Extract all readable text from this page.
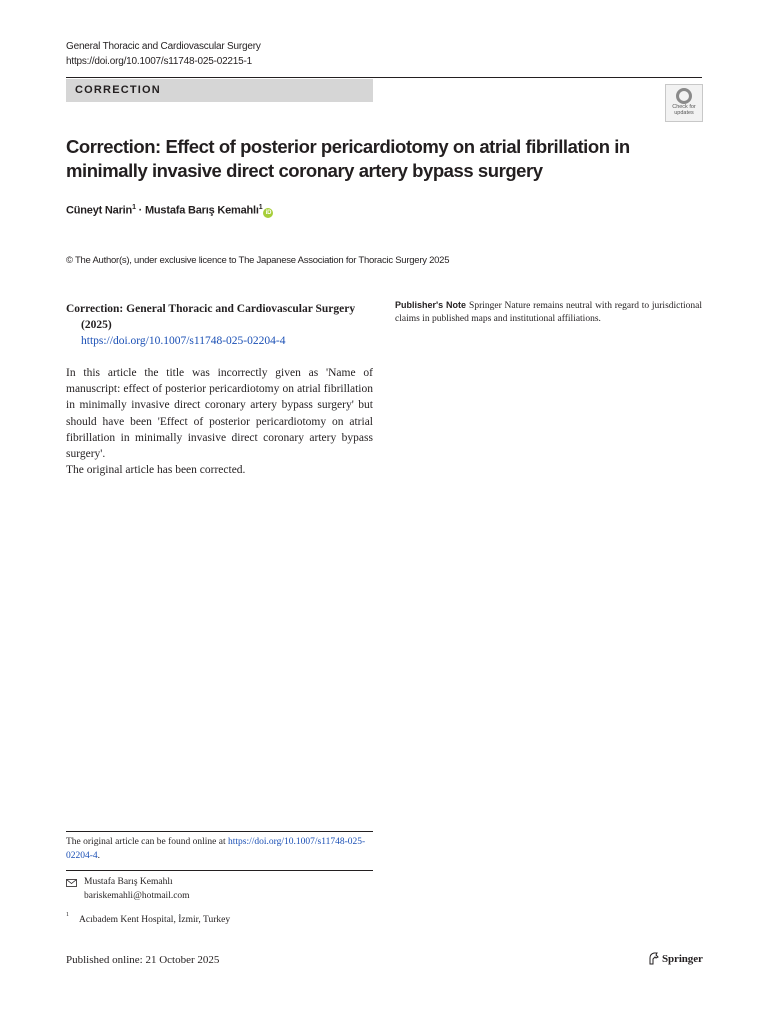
General Thoracic and Cardiovascular Surgery
https://doi.org/10.1007/s11748-025-02215-1
CORRECTION
Check for
updates
Correction: Effect of posterior pericardiotomy on atrial fibrillation in minimally invasive direct coronary artery bypass surgery
Cüneyt Narin$^1$ · Mustafa Barış Kemahlı$^1$iD
© The Author(s), under exclusive licence to The Japanese Association for Thoracic Surgery 2025
Correction: General Thoracic and Cardiovascular Surgery (2025)
https://doi.org/10.1007/s11748-025-02204-4

In this article the title was incorrectly given as 'Name of manuscript: effect of posterior pericardiotomy on atrial fibrillation in minimally invasive direct coronary artery bypass surgery' but should have been 'Effect of posterior pericardiotomy on atrial fibrillation in minimally invasive direct coronary artery bypass surgery'.

The original article has been corrected.

Publisher's Note Springer Nature remains neutral with regard to jurisdictional claims in published maps and institutional affiliations.
The original article can be found online at https://doi.org/10.1007/s11748-025-02204-4.
Mustafa Barış Kemahlı
bariskemahli@hotmail.com
$^1$Acıbadem Kent Hospital, İzmir, Turkey
Published online: 21 October 2025	Springer
